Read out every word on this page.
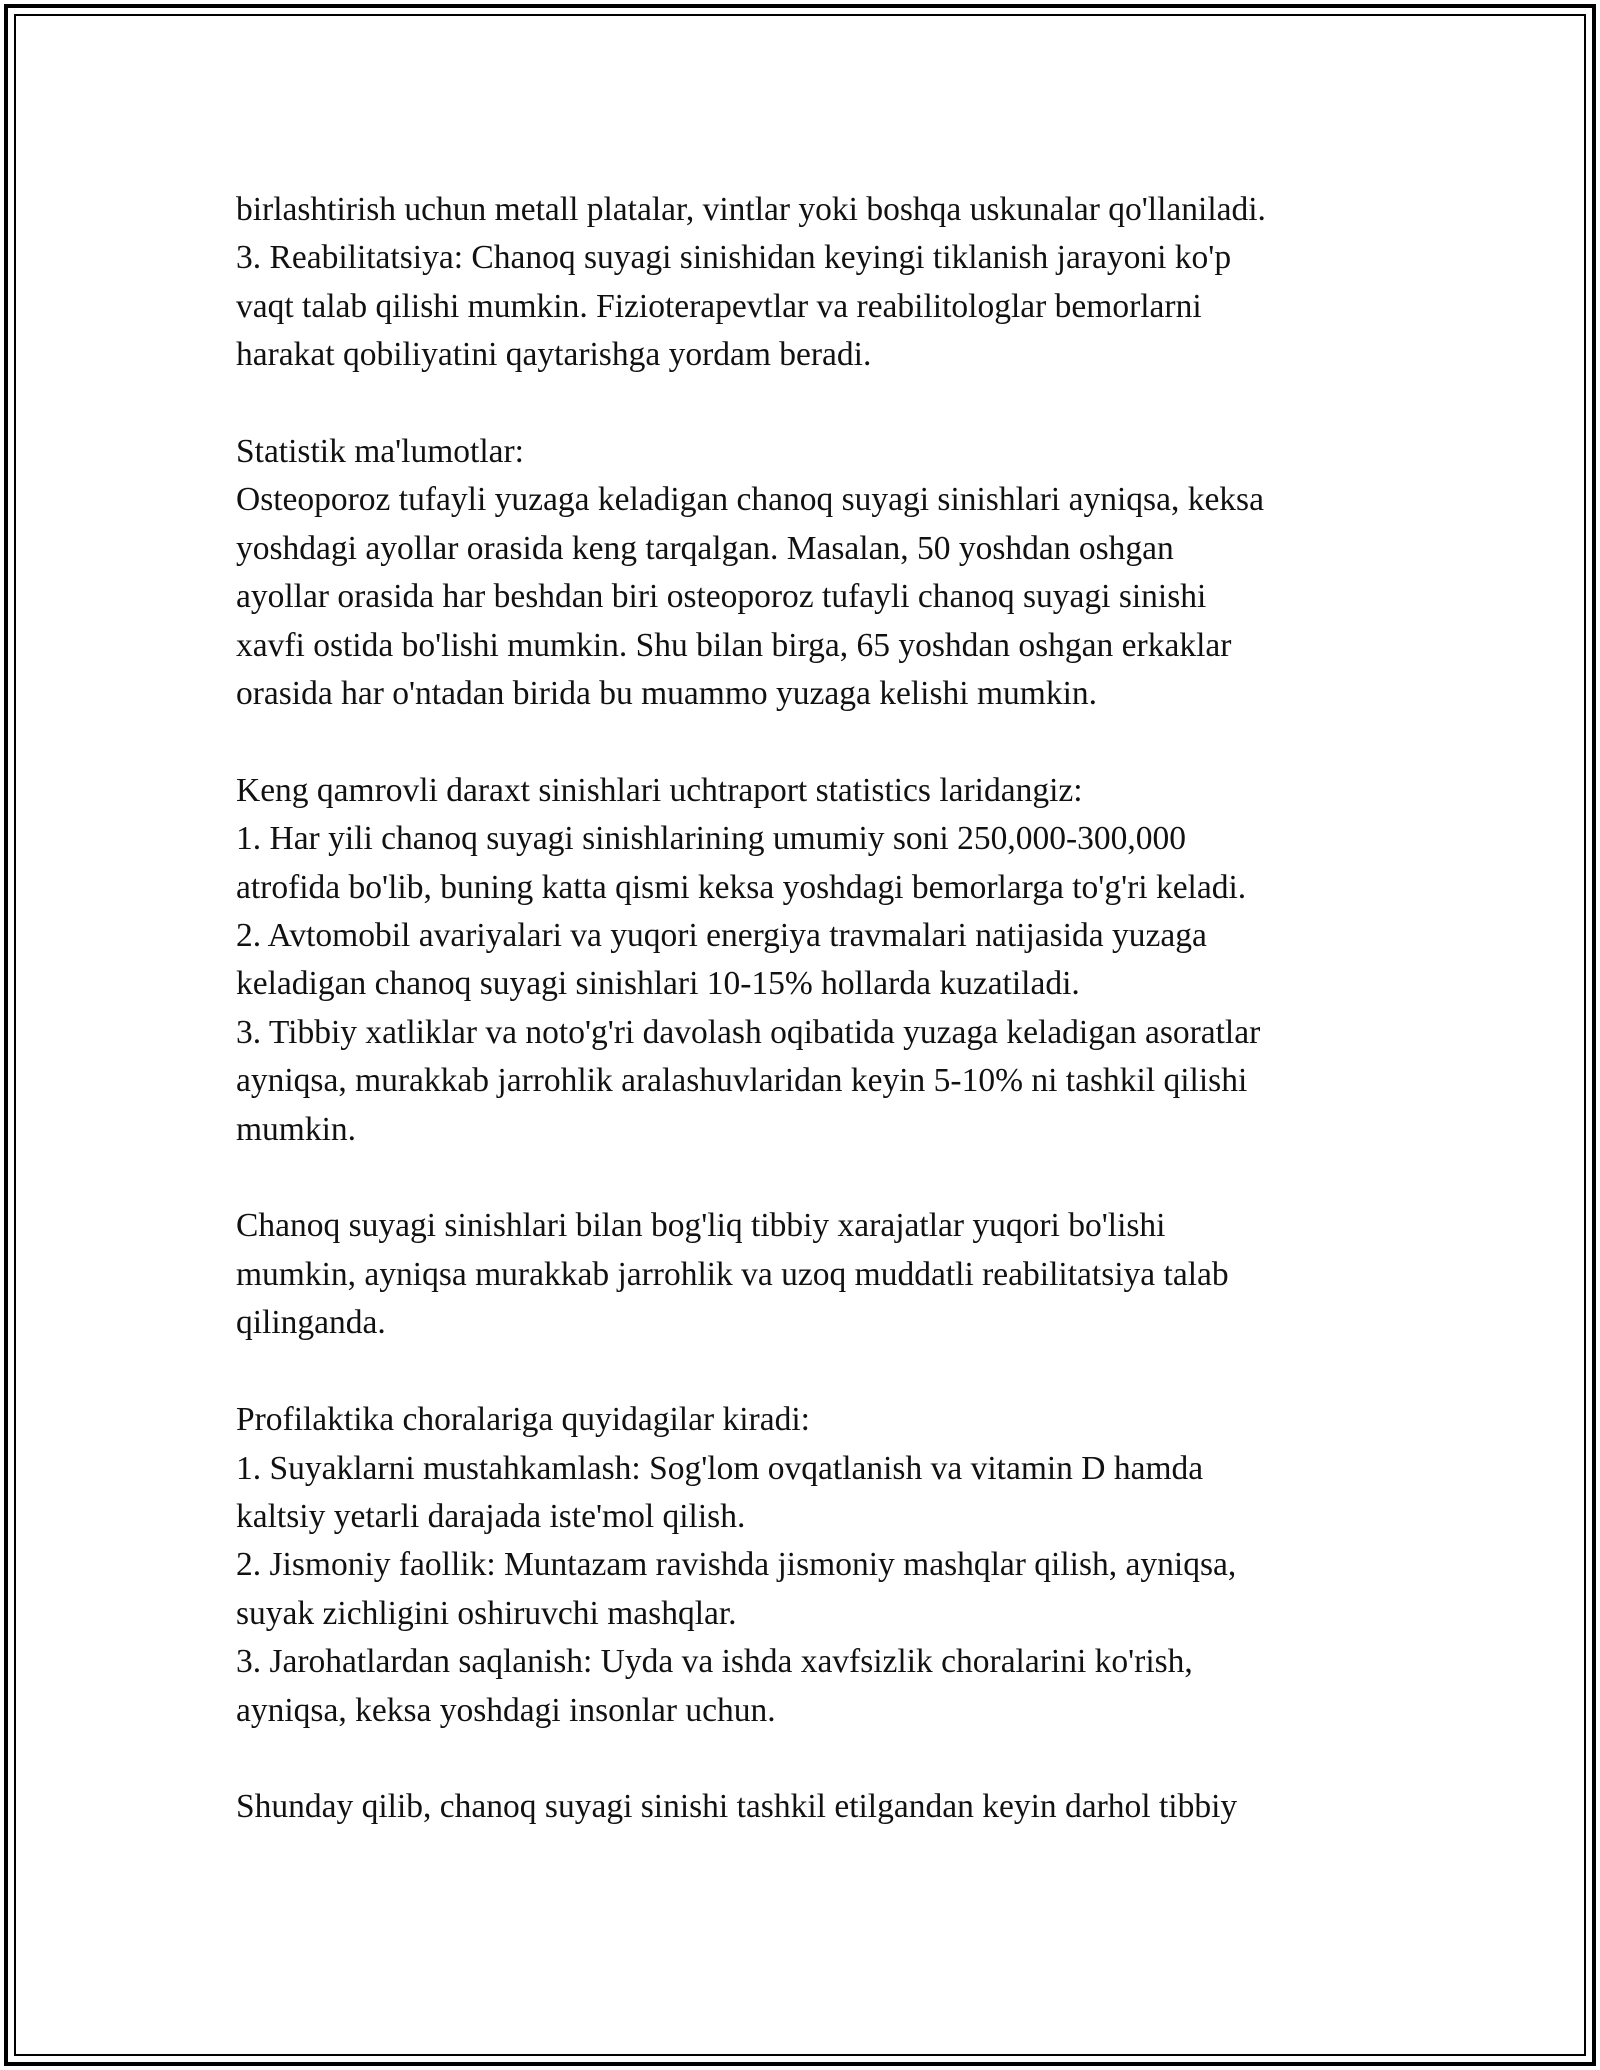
birlashtirish uchun metall platalar, vintlar yoki boshqa uskunalar qo'llaniladi.
3. Reabilitatsiya: Chanoq suyagi sinishidan keyingi tiklanish jarayoni ko'p
vaqt talab qilishi mumkin. Fizioterapevtlar va reabilitologlar bemorlarni
harakat qobiliyatini qaytarishga yordam beradi.
Statistik ma'lumotlar:
Osteoporoz tufayli yuzaga keladigan chanoq suyagi sinishlari ayniqsa, keksa
yoshdagi ayollar orasida keng tarqalgan. Masalan, 50 yoshdan oshgan
ayollar orasida har beshdan biri osteoporoz tufayli chanoq suyagi sinishi
xavfi ostida bo'lishi mumkin. Shu bilan birga, 65 yoshdan oshgan erkaklar
orasida har o'ntadan birida bu muammo yuzaga kelishi mumkin.
Keng qamrovli daraxt sinishlari uchtraport statistics laridangiz:
1. Har yili chanoq suyagi sinishlarining umumiy soni 250,000-300,000
atrofida bo'lib, buning katta qismi keksa yoshdagi bemorlarga to'g'ri keladi.
2. Avtomobil avariyalari va yuqori energiya travmalari natijasida yuzaga
keladigan chanoq suyagi sinishlari 10-15% hollarda kuzatiladi.
3. Tibbiy xatliklar va noto'g'ri davolash oqibatida yuzaga keladigan asoratlar
ayniqsa, murakkab jarrohlik aralashuvlaridan keyin 5-10% ni tashkil qilishi
mumkin.
Chanoq suyagi sinishlari bilan bog'liq tibbiy xarajatlar yuqori bo'lishi
mumkin, ayniqsa murakkab jarrohlik va uzoq muddatli reabilitatsiya talab
qilinganda.
Profilaktika choralariga quyidagilar kiradi:
1. Suyaklarni mustahkamlash: Sog'lom ovqatlanish va vitamin D hamda
kaltsiy yetarli darajada iste'mol qilish.
2. Jismoniy faollik: Muntazam ravishda jismoniy mashqlar qilish, ayniqsa,
suyak zichligini oshiruvchi mashqlar.
3. Jarohatlardan saqlanish: Uyda va ishda xavfsizlik choralarini ko'rish,
ayniqsa, keksa yoshdagi insonlar uchun.
Shunday qilib, chanoq suyagi sinishi tashkil etilgandan keyin darhol tibbiy
